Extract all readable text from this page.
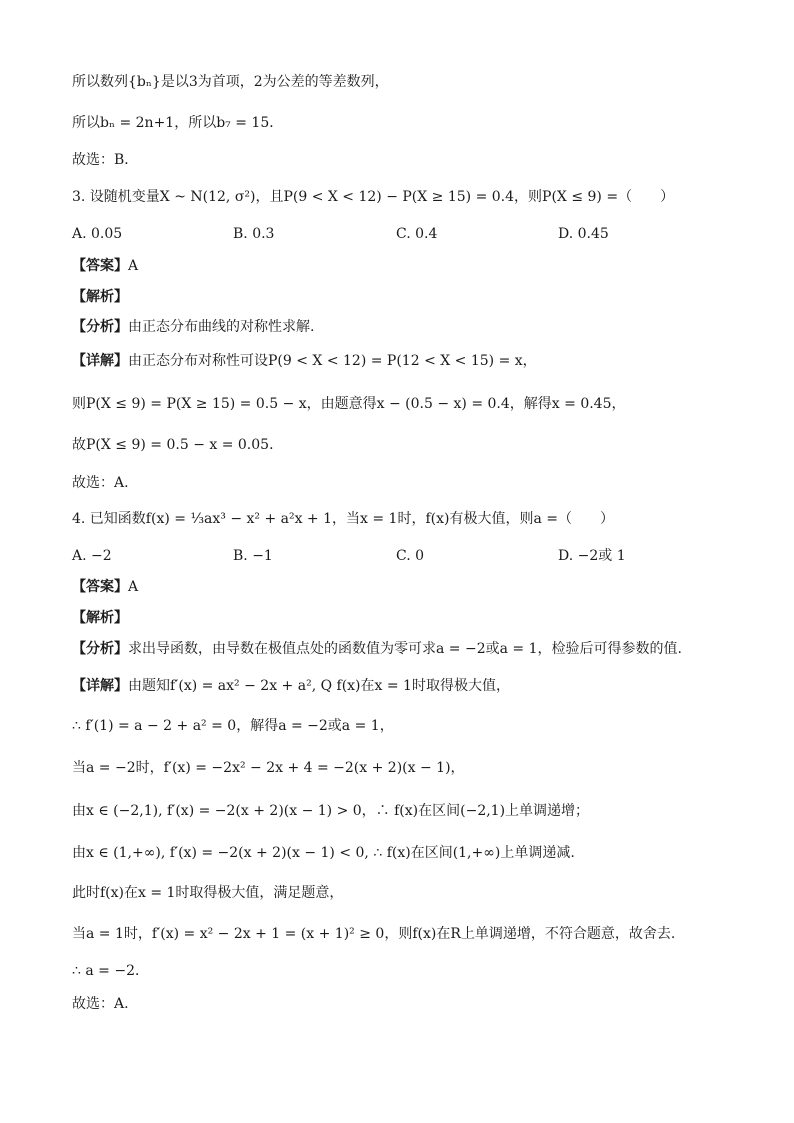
所以数列{bₙ}是以3为首项，2为公差的等差数列，
所以bₙ = 2n+1，所以b₇ = 15．
故选：B．
3. 设随机变量X ~ N(12, σ²)，且P(9 < X < 12) − P(X ≥ 15) = 0.4，则P(X ≤ 9) =（　　）
A. 0.05	B. 0.3	C. 0.4	D. 0.45
【答案】A
【解析】
【分析】由正态分布曲线的对称性求解.
【详解】由正态分布对称性可设P(9 < X < 12) = P(12 < X < 15) = x，
则P(X ≤ 9) = P(X ≥ 15) = 0.5 − x，由题意得x − (0.5 − x) = 0.4，解得x = 0.45，
故P(X ≤ 9) = 0.5 − x = 0.05．
故选：A.
4. 已知函数f(x) = ⅓ax³ − x² + a²x + 1，当x = 1时，f(x)有极大值，则a =（　　）
A. −2	B. −1	C. 0	D. −2或 1
【答案】A
【解析】
【分析】求出导函数，由导数在极值点处的函数值为零可求a = −2或a = 1，检验后可得参数的值.
【详解】由题知f′(x) = ax² − 2x + a², Q f(x)在x = 1时取得极大值，
∴ f′(1) = a − 2 + a² = 0，解得a = −2或a = 1，
当a = −2时，f′(x) = −2x² − 2x + 4 = −2(x + 2)(x − 1)，
由x ∈ (−2,1), f′(x) = −2(x + 2)(x − 1) > 0，∴ f(x)在区间(−2,1)上单调递增；
由x ∈ (1,+∞), f′(x) = −2(x + 2)(x − 1) < 0, ∴ f(x)在区间(1,+∞)上单调递减.
此时f(x)在x = 1时取得极大值，满足题意，
当a = 1时，f′(x) = x² − 2x + 1 = (x + 1)² ≥ 0，则f(x)在R上单调递增，不符合题意，故舍去.
∴ a = −2．
故选：A.
